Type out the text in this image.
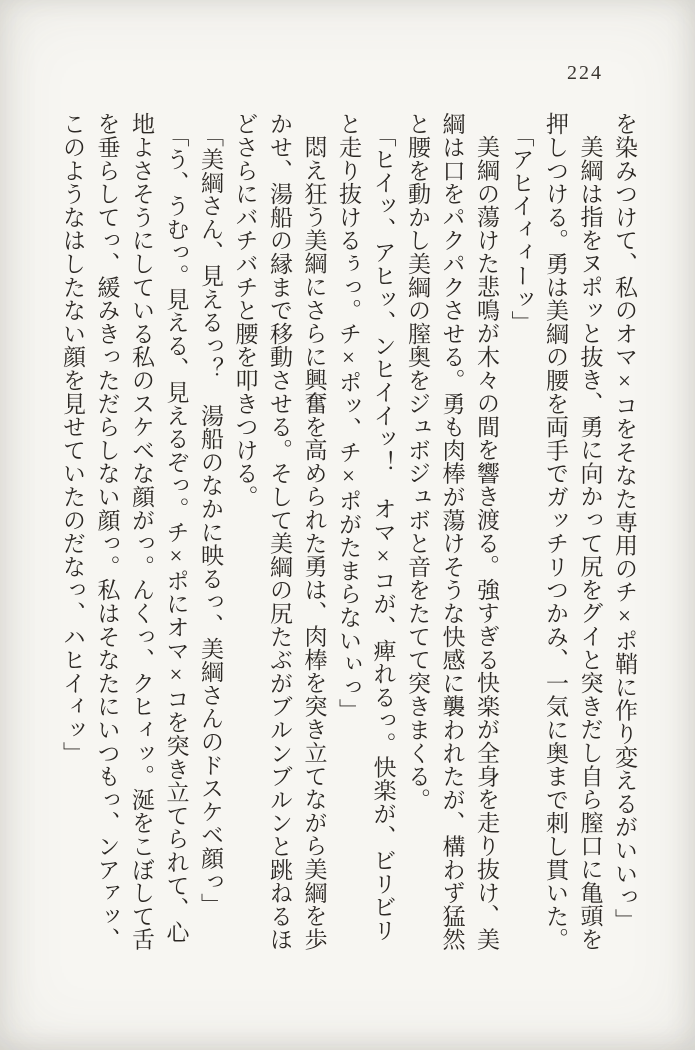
224

を染みつけて、私のオマ×コをそなた専用のチ×ポ鞘に作り変えるがいいっ」

美綱は指をヌポッと抜き、勇に向かって尻をグイと突きだし自ら膣口に亀頭を押しつける。勇は美綱の腰を両手でガッチリつかみ、一気に奥まで刺し貫いた。

「アヒイィィーッ」

美綱の蕩けた悲鳴が木々の間を響き渡る。強すぎる快楽が全身を走り抜け、美綱は口をパクパクさせる。勇も肉棒が蕩けそうな快感に襲われたが、構わず猛然と腰を動かし美綱の膣奥をジュボジュボと音をたてて突きまくる。

「ヒイッ、アヒッ、ンヒイイッ！　オマ×コが、痺れるっ。快楽が、ビリビリと走り抜けるぅっ。チ×ポッ、チ×ポがたまらないぃっ」

悶え狂う美綱にさらに興奮を高められた勇は、肉棒を突き立てながら美綱を歩かせ、湯船の縁まで移動させる。そして美綱の尻たぶがブルンブルンと跳ねるほどさらにバチバチと腰を叩きつける。

「美綱さん、見えるっ？　湯船のなかに映るっ、美綱さんのドスケベ顔っ」

「う、うむっ。見える、見えるぞっ。チ×ポにオマ×コを突き立てられて、心地よさそうにしている私のスケベな顔がっ。んくっ、クヒィッ。涎をこぼして舌を垂らしてっ、緩みきっただらしない顔っ。私はそなたにいつもっ、ンアァッ、このようなはしたない顔を見せていたのだなっ、ハヒイィッ」
